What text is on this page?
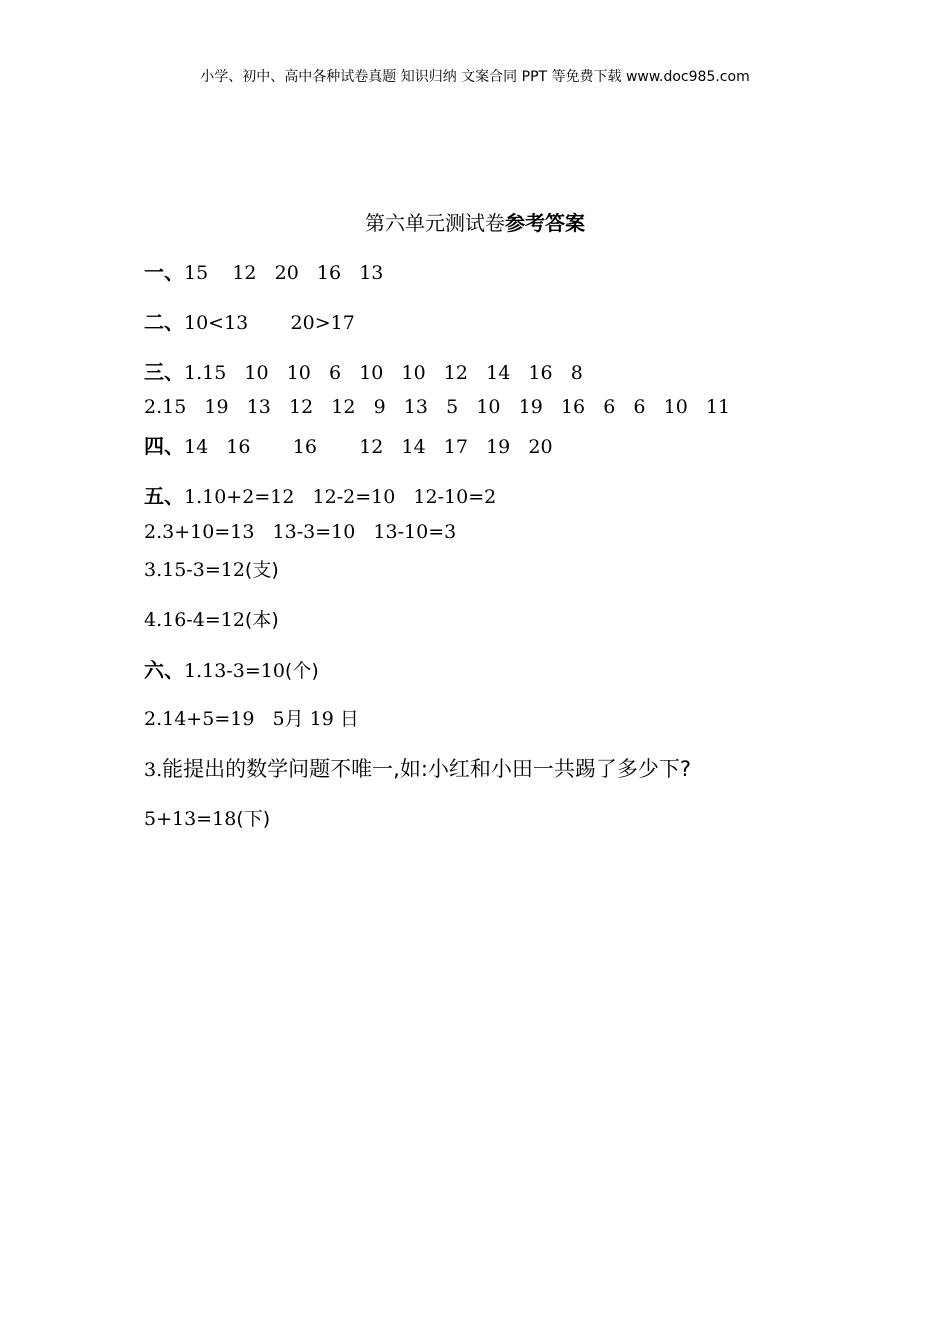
小学、初中、高中各种试卷真题 知识归纳 文案合同 PPT 等免费下载 www.doc985.com
第六单元测试卷参考答案
一、15    12   20   16   13
二、10<13       20>17
三、1.15   10   10   6   10   10   12   14   16   8
2.15   19   13   12   12   9   13   5   10   19   16   6   6   10   11
四、14   16       16       12   14   17   19   20
五、1.10+2=12   12-2=10   12-10=2
2.3+10=13   13-3=10   13-10=3
3.15-3=12(支)
4.16-4=12(本)
六、1.13-3=10(个)
2.14+5=19   5月 19 日
3.能提出的数学问题不唯一,如:小红和小田一共踢了多少下?
5+13=18(下)
